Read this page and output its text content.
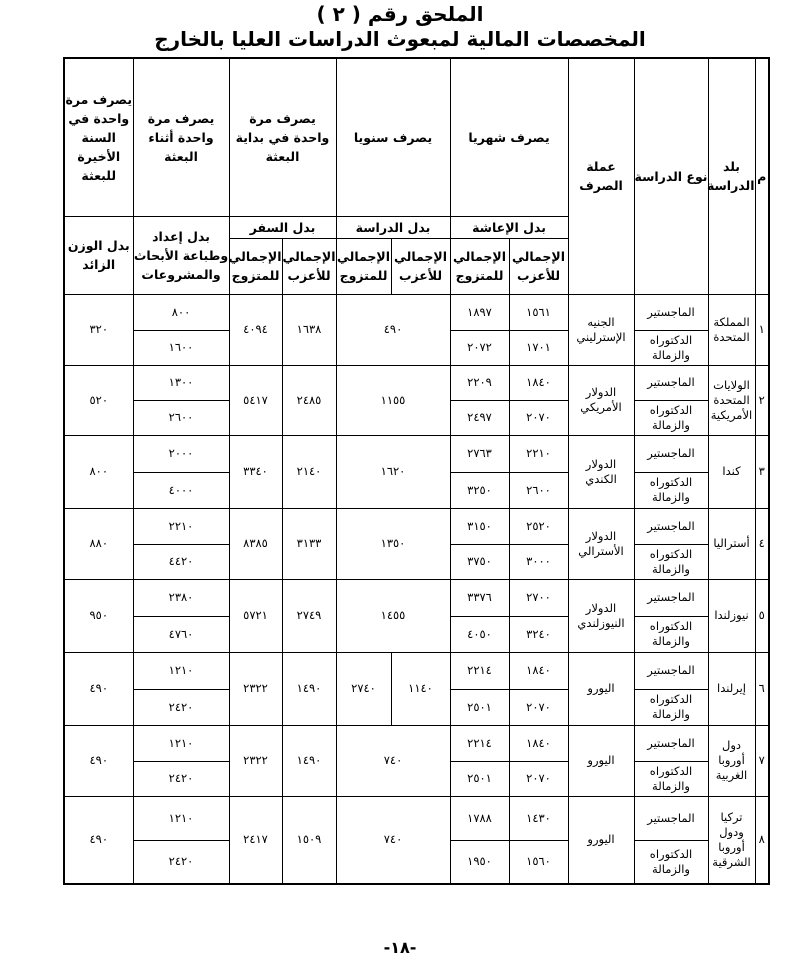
الملحق رقم ( ٢ )
المخصصات المالية لمبعوث الدراسات العليا بالخارج
م	بلد الدراسة	نوع الدراسة	عملة الصرف	يصرف شهريا		يصرف سنويا		يصرف مرة واحدة في بداية البعثة		يصرف مرة واحدة أثناء البعثة	يصرف مرة واحدة في السنة الأخيرة للبعثة
				بدل الإعاشة		بدل الدراسة		بدل السفر		بدل إعداد وطباعة الأبحاث والمشروعات	بدل الوزن الزائد
				الإجمالي للأعزب	الإجمالي للمتزوج	الإجمالي للأعزب	الإجمالي للمتزوج	الإجمالي للأعزب	الإجمالي للمتزوج		
١	المملكة المتحدة	الماجستير	الجنيه الإسترليني	١٥٦١	١٨٩٧	٤٩٠		١٦٣٨	٤٠٩٤	٨٠٠	٣٢٠
		الدكتوراه والزمالة		١٧٠١	٢٠٧٢					١٦٠٠	
٢	الولايات المتحدة الأمريكية	الماجستير	الدولار الأمريكي	١٨٤٠	٢٢٠٩	١١٥٥		٢٤٨٥	٥٤١٧	١٣٠٠	٥٢٠
		الدكتوراه والزمالة		٢٠٧٠	٢٤٩٧					٢٦٠٠	
٣	كندا	الماجستير	الدولار الكندي	٢٢١٠	٢٧٦٣	١٦٢٠		٢١٤٠	٣٣٤٠	٢٠٠٠	٨٠٠
		الدكتوراه والزمالة		٢٦٠٠	٣٢٥٠					٤٠٠٠	
٤	أستراليا	الماجستير	الدولار الأسترالي	٢٥٢٠	٣١٥٠	١٣٥٠		٣١٣٣	٨٣٨٥	٢٢١٠	٨٨٠
		الدكتوراه والزمالة		٣٠٠٠	٣٧٥٠					٤٤٢٠	
٥	نيوزلندا	الماجستير	الدولار النيوزلندي	٢٧٠٠	٣٣٧٦	١٤٥٥		٢٧٤٩	٥٧٢١	٢٣٨٠	٩٥٠
		الدكتوراه والزمالة		٣٢٤٠	٤٠٥٠					٤٧٦٠	
٦	إيرلندا	الماجستير	اليورو	١٨٤٠	٢٢١٤	١١٤٠	٢٧٤٠	١٤٩٠	٢٣٢٢	١٢١٠	٤٩٠
		الدكتوراه والزمالة		٢٠٧٠	٢٥٠١					٢٤٢٠	
٧	دول أوروبا الغربية	الماجستير	اليورو	١٨٤٠	٢٢١٤	٧٤٠		١٤٩٠	٢٣٢٢	١٢١٠	٤٩٠
		الدكتوراه والزمالة		٢٠٧٠	٢٥٠١					٢٤٢٠	
٨	تركيا ودول أوروبا الشرقية	الماجستير	اليورو	١٤٣٠	١٧٨٨	٧٤٠		١٥٠٩	٢٤١٧	١٢١٠	٤٩٠
		الدكتوراه والزمالة		١٥٦٠	١٩٥٠					٢٤٢٠	
-١٨-
